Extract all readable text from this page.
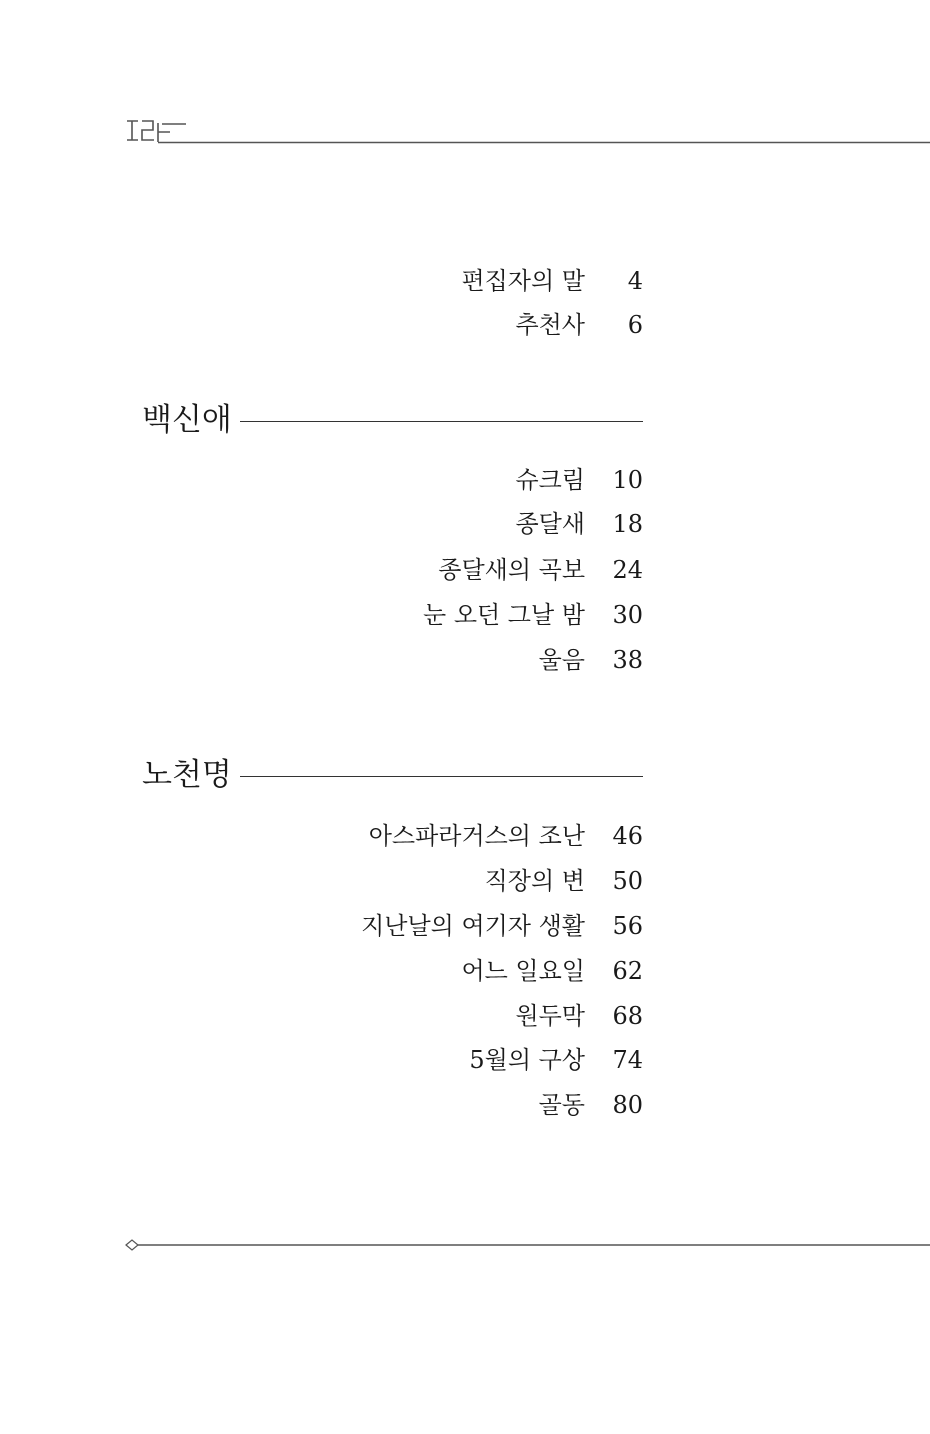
편집자의 말	4
추천사	6
백신애
슈크림	10
종달새	18
종달새의 곡보	24
눈 오던 그날 밤	30
울음	38
노천명
아스파라거스의 조난	46
직장의 변	50
지난날의 여기자 생활	56
어느 일요일	62
원두막	68
5월의 구상	74
골동	80
